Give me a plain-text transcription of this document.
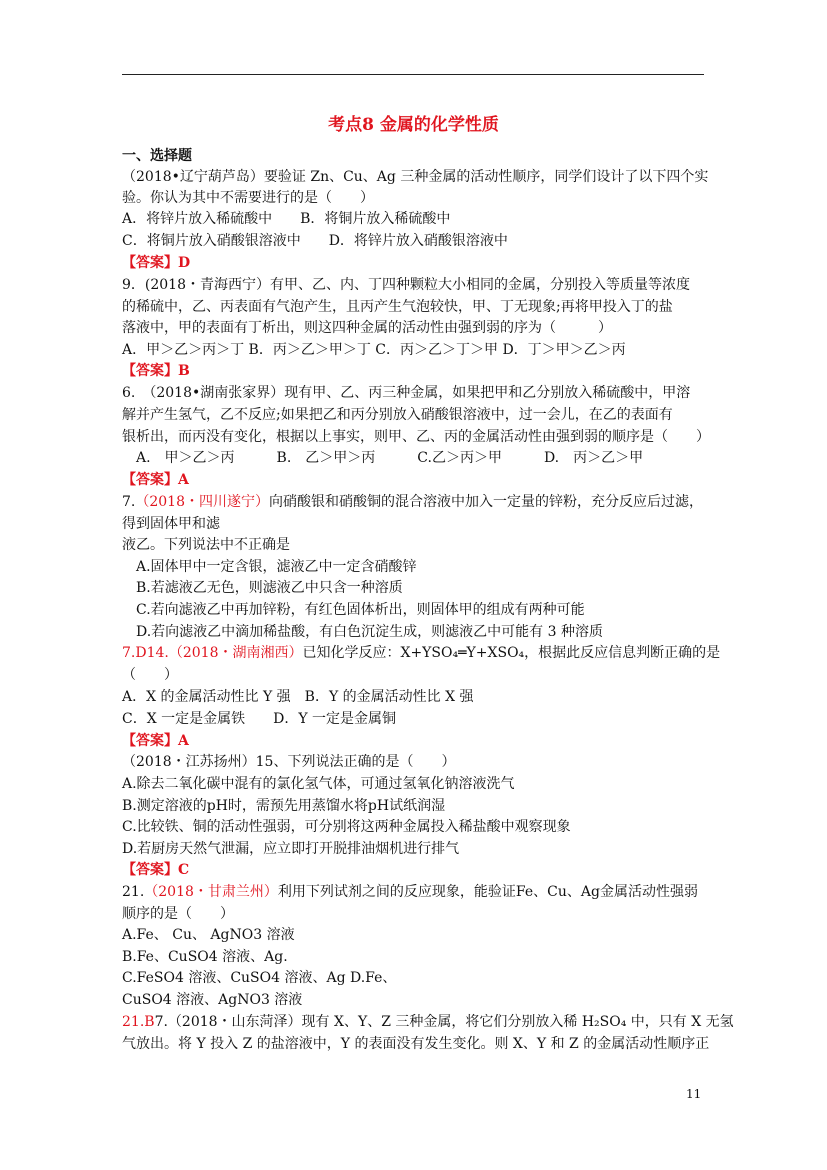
考点8 金属的化学性质
一、选择题
（2018•辽宁葫芦岛）要验证 Zn、Cu、Ag 三种金属的活动性顺序，同学们设计了以下四个实
验。你认为其中不需要进行的是（　　）
A．将锌片放入稀硫酸中　　B．将铜片放入稀硫酸中
C．将铜片放入硝酸银溶液中　　D．将锌片放入硝酸银溶液中
【答案】D
9．(2018・青海西宁）有甲、乙、内、丁四种颗粒大小相同的金属，分别投入等质量等浓度
的稀硫中，乙、丙表面有气泡产生，且丙产生气泡较快，甲、丁无现象;再将甲投入丁的盐
落液中，甲的表面有丁析出，则这四种金属的活动性由强到弱的序为（　　　）
A．甲＞乙＞丙＞丁 B．丙＞乙＞甲＞丁 C．丙＞乙＞丁＞甲 D．丁＞甲＞乙＞丙
【答案】B
6.　（2018•湖南张家界）现有甲、乙、丙三种金属，如果把甲和乙分别放入稀硫酸中，甲溶
解并产生氢气，乙不反应;如果把乙和丙分别放入硝酸银溶液中，过一会儿，在乙的表面有
银析出，而丙没有变化，根据以上事实，则甲、乙、丙的金属活动性由强到弱的顺序是（　　）
A.　甲＞乙＞丙　　　B.　乙＞甲＞丙　　　C.乙＞丙＞甲　　　D.　丙＞乙＞甲
【答案】A
7.（2018・四川遂宁）向硝酸银和硝酸铜的混合溶液中加入一定量的锌粉，充分反应后过滤，
得到固体甲和滤
液乙。下列说法中不正确是
A.固体甲中一定含银，滤液乙中一定含硝酸锌
B.若滤液乙无色，则滤液乙中只含一种溶质
C.若向滤液乙中再加锌粉，有红色固体析出，则固体甲的组成有两种可能
D.若向滤液乙中滴加稀盐酸，有白色沉淀生成，则滤液乙中可能有 3 种溶质
7.D14.（2018・湖南湘西）已知化学反应：X+YSO₄═Y+XSO₄，根据此反应信息判断正确的是
（　　）
A．X 的金属活动性比 Y 强　B．Y 的金属活动性比 X 强
C．X 一定是金属铁　　D．Y 一定是金属铜
【答案】A
（2018・江苏扬州）15、下列说法正确的是（　　）
A.除去二氧化碳中混有的氯化氢气体，可通过氢氧化钠溶液洗气
B.测定溶液的pH时，需预先用蒸馏水将pH试纸润湿
C.比较铁、铜的活动性强弱，可分别将这两种金属投入稀盐酸中观察现象
D.若厨房天然气泄漏，应立即打开脱排油烟机进行排气
【答案】C
21.（2018・甘肃兰州）利用下列试剂之间的反应现象，能验证Fe、Cu、Ag金属活动性强弱
顺序的是（　　）
A.Fe、 Cu、 AgNO3 溶液
B.Fe、CuSO4 溶液、Ag.
C.FeSO4 溶液、CuSO4 溶液、Ag D.Fe、
CuSO4 溶液、AgNO3 溶液
21.B7.（2018・山东菏泽）现有 X、Y、Z 三种金属，将它们分别放入稀 H₂SO₄ 中，只有 X 无氢
气放出。将 Y 投入 Z 的盐溶液中，Y 的表面没有发生变化。则 X、Y 和 Z 的金属活动性顺序正
11
